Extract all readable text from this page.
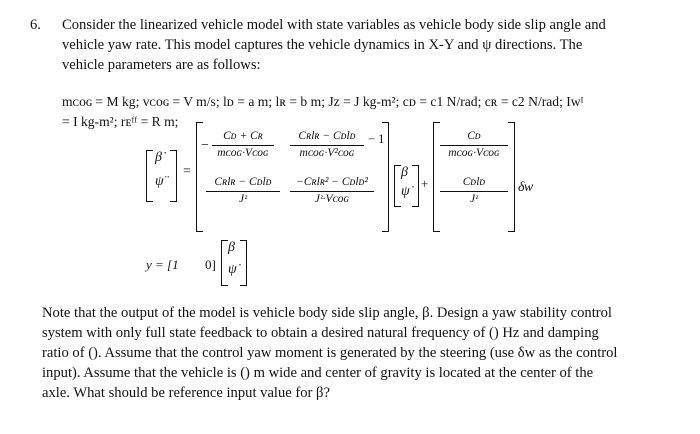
6. Consider the linearized vehicle model with state variables as vehicle body side slip angle and
vehicle yaw rate. This model captures the vehicle dynamics in X-Y and ψ directions. The
vehicle parameters are as follows:
mᴄᴏɢ = M kg; vᴄᴏɢ = V m/s; lᴅ = a m; lʀ = b m; Jz = J kg-m²; cᴅ = c1 N/rad; cʀ = c2 N/rad; Iᴡᴵ
= I kg-m²; rᴇᶠᶠ = R m;
β̇
ψ̈
=
Cᴅ + Cʀ
− mᴄᴏɢ·Vᴄᴏɢ
Cʀlʀ − Cᴅlᴅ
mᴄᴏɢ·V²ᴄᴏɢ
− 1
Cʀlʀ − Cᴅlᴅ
Jᶻ
−Cʀlʀ² − Cᴅlᴅ²
Jᶻ·Vᴄᴏɢ
β
ψ̇
+
Cᴅ
mᴄᴏɢ·Vᴄᴏɢ
Cᴅlᴅ
Jᶻ
δᴡ
y = [1 0]
β
ψ̇
Note that the output of the model is vehicle body side slip angle, β. Design a yaw stability control
system with only full state feedback to obtain a desired natural frequency of () Hz and damping
ratio of (). Assume that the control yaw moment is generated by the steering (use δᴡ as the control
input). Assume that the vehicle is () m wide and center of gravity is located at the center of the
axle. What should be reference input value for β?
